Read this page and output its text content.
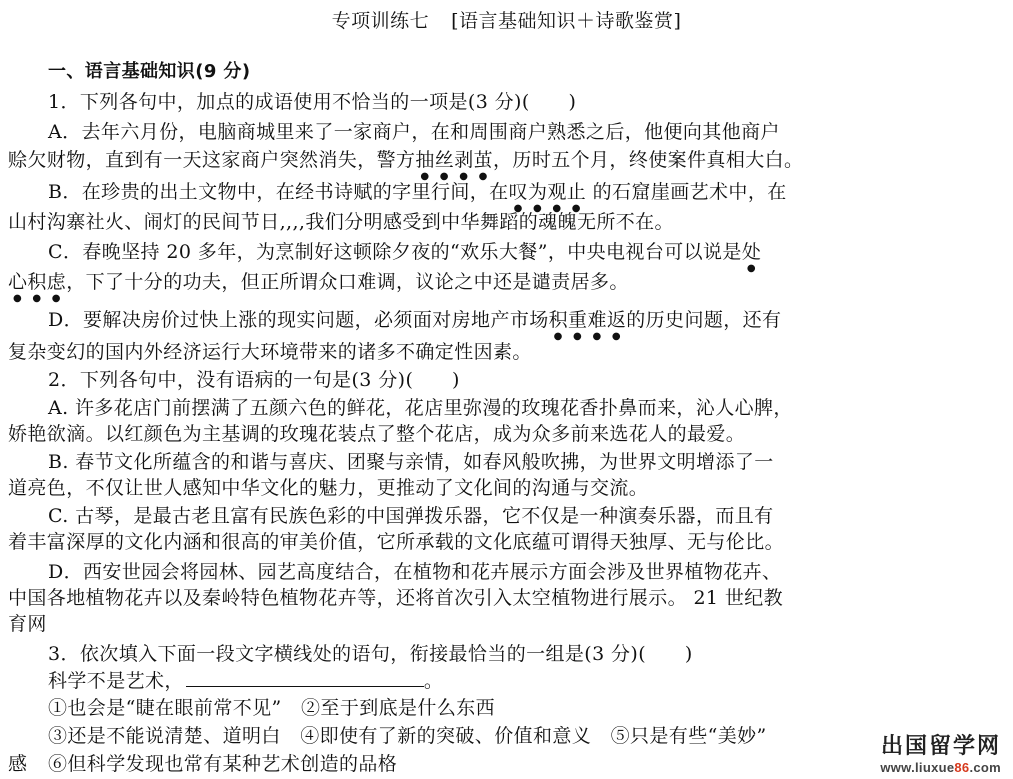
专项训练七 [语言基础知识＋诗歌鉴赏]
一、语言基础知识(9 分)
1．下列各句中，加点的成语使用不恰当的一项是(3 分)(　　)
A．去年六月份，电脑商城里来了一家商户，在和周围商户熟悉之后，他便向其他商户
赊欠财物，直到有一天这家商户突然消失，警方抽丝剥茧，历时五个月，终使案件真相大白。
B．在珍贵的出土文物中，在经书诗赋的字里行间，在叹为观止 的石窟崖画艺术中，在
山村沟寨社火、闹灯的民间节日,,,,我们分明感受到中华舞蹈的魂魄无所不在。
C．春晚坚持 20 多年，为烹制好这顿除夕夜的“欢乐大餐”，中央电视台可以说是处
心积虑，下了十分的功夫，但正所谓众口难调，议论之中还是谴责居多。
D．要解决房价过快上涨的现实问题，必须面对房地产市场积重难返的历史问题，还有
复杂变幻的国内外经济运行大环境带来的诸多不确定性因素。
2．下列各句中，没有语病的一句是(3 分)(　　)
A. 许多花店门前摆满了五颜六色的鲜花，花店里弥漫的玫瑰花香扑鼻而来，沁人心脾，
娇艳欲滴。以红颜色为主基调的玫瑰花装点了整个花店，成为众多前来选花人的最爱。
B. 春节文化所蕴含的和谐与喜庆、团聚与亲情，如春风般吹拂，为世界文明增添了一
道亮色，不仅让世人感知中华文化的魅力，更推动了文化间的沟通与交流。
C. 古琴，是最古老且富有民族色彩的中国弹拨乐器，它不仅是一种演奏乐器，而且有
着丰富深厚的文化内涵和很高的审美价值，它所承载的文化底蕴可谓得天独厚、无与伦比。
D．西安世园会将园林、园艺高度结合，在植物和花卉展示方面会涉及世界植物花卉、
中国各地植物花卉以及秦岭特色植物花卉等，还将首次引入太空植物进行展示。 21 世纪教
育网
3．依次填入下面一段文字横线处的语句，衔接最恰当的一组是(3 分)(　　)
科学不是艺术，	。
①也会是“睫在眼前常不见”　②至于到底是什么东西
③还是不能说清楚、道明白　④即使有了新的突破、价值和意义　⑤只是有些“美妙”
感 ⑥但科学发现也常有某种艺术创造的品格
出国留学网
www.liuxue86.com
